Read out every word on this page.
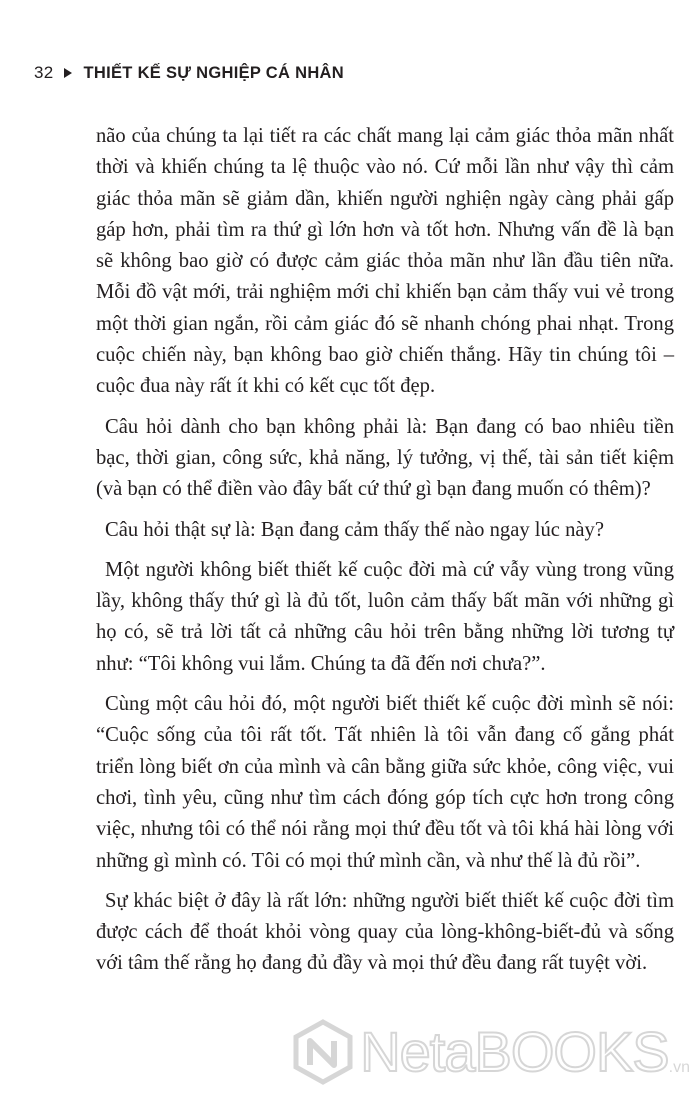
32 THIẾT KẾ SỰ NGHIỆP CÁ NHÂN

não của chúng ta lại tiết ra các chất mang lại cảm giác thỏa mãn nhất thời và khiến chúng ta lệ thuộc vào nó. Cứ mỗi lần như vậy thì cảm giác thỏa mãn sẽ giảm dần, khiến người nghiện ngày càng phải gấp gáp hơn, phải tìm ra thứ gì lớn hơn và tốt hơn. Nhưng vấn đề là bạn sẽ không bao giờ có được cảm giác thỏa mãn như lần đầu tiên nữa. Mỗi đồ vật mới, trải nghiệm mới chỉ khiến bạn cảm thấy vui vẻ trong một thời gian ngắn, rồi cảm giác đó sẽ nhanh chóng phai nhạt. Trong cuộc chiến này, bạn không bao giờ chiến thắng. Hãy tin chúng tôi – cuộc đua này rất ít khi có kết cục tốt đẹp.

Câu hỏi dành cho bạn không phải là: Bạn đang có bao nhiêu tiền bạc, thời gian, công sức, khả năng, lý tưởng, vị thế, tài sản tiết kiệm (và bạn có thể điền vào đây bất cứ thứ gì bạn đang muốn có thêm)?

Câu hỏi thật sự là: Bạn đang cảm thấy thế nào ngay lúc này?

Một người không biết thiết kế cuộc đời mà cứ vẫy vùng trong vũng lầy, không thấy thứ gì là đủ tốt, luôn cảm thấy bất mãn với những gì họ có, sẽ trả lời tất cả những câu hỏi trên bằng những lời tương tự như: “Tôi không vui lắm. Chúng ta đã đến nơi chưa?”.

Cùng một câu hỏi đó, một người biết thiết kế cuộc đời mình sẽ nói: “Cuộc sống của tôi rất tốt. Tất nhiên là tôi vẫn đang cố gắng phát triển lòng biết ơn của mình và cân bằng giữa sức khỏe, công việc, vui chơi, tình yêu, cũng như tìm cách đóng góp tích cực hơn trong công việc, nhưng tôi có thể nói rằng mọi thứ đều tốt và tôi khá hài lòng với những gì mình có. Tôi có mọi thứ mình cần, và như thế là đủ rồi”.

Sự khác biệt ở đây là rất lớn: những người biết thiết kế cuộc đời tìm được cách để thoát khỏi vòng quay của lòng-không-biết-đủ và sống với tâm thế rằng họ đang đủ đầy và mọi thứ đều đang rất tuyệt vời.

NetaBOOKS .vn
